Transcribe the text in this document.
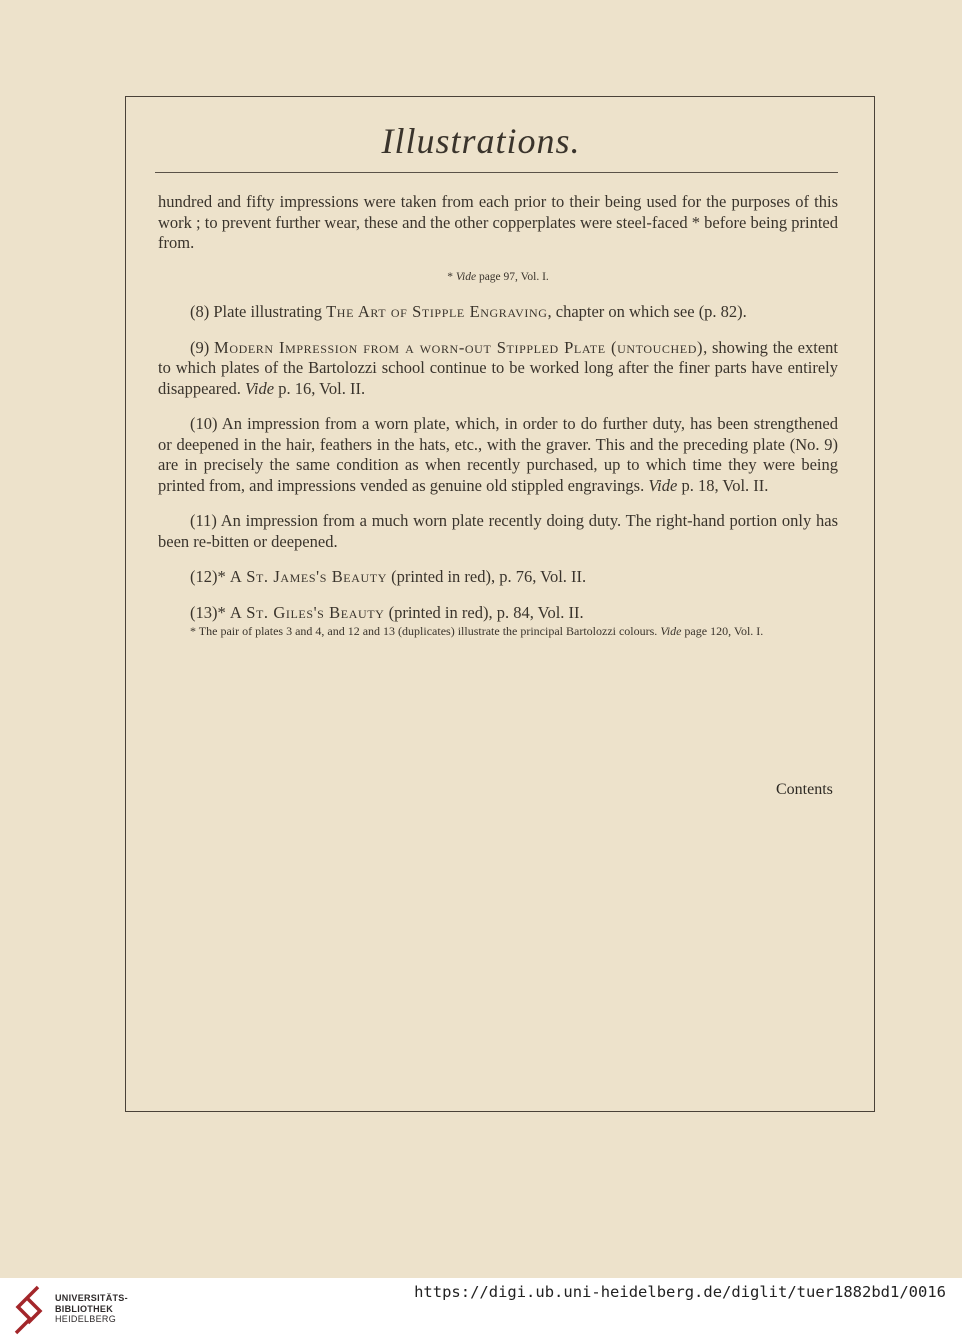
Illustrations.

hundred and fifty impressions were taken from each prior to their being used for the purposes of this work ; to prevent further wear, these and the other copperplates were steel-faced * before being printed from.

* Vide page 97, Vol. I.

(8) Plate illustrating The Art of Stipple Engraving, chapter on which see (p. 82).

(9) Modern Impression from a worn-out Stippled Plate (untouched), showing the extent to which plates of the Bartolozzi school continue to be worked long after the finer parts have entirely disappeared. Vide p. 16, Vol. II.

(10) An impression from a worn plate, which, in order to do further duty, has been strengthened or deepened in the hair, feathers in the hats, etc., with the graver. This and the preceding plate (No. 9) are in precisely the same condition as when recently purchased, up to which time they were being printed from, and impressions vended as genuine old stippled engravings. Vide p. 18, Vol. II.

(11) An impression from a much worn plate recently doing duty. The right-hand portion only has been re-bitten or deepened.

(12)* A St. James's Beauty (printed in red), p. 76, Vol. II.

(13)* A St. Giles's Beauty (printed in red), p. 84, Vol. II.

* The pair of plates 3 and 4, and 12 and 13 (duplicates) illustrate the principal Bartolozzi colours. Vide page 120, Vol. I.

Contents
UNIVERSITÄTS-
BIBLIOTHEK
HEIDELBERG
https://digi.ub.uni-heidelberg.de/diglit/tuer1882bd1/0016
